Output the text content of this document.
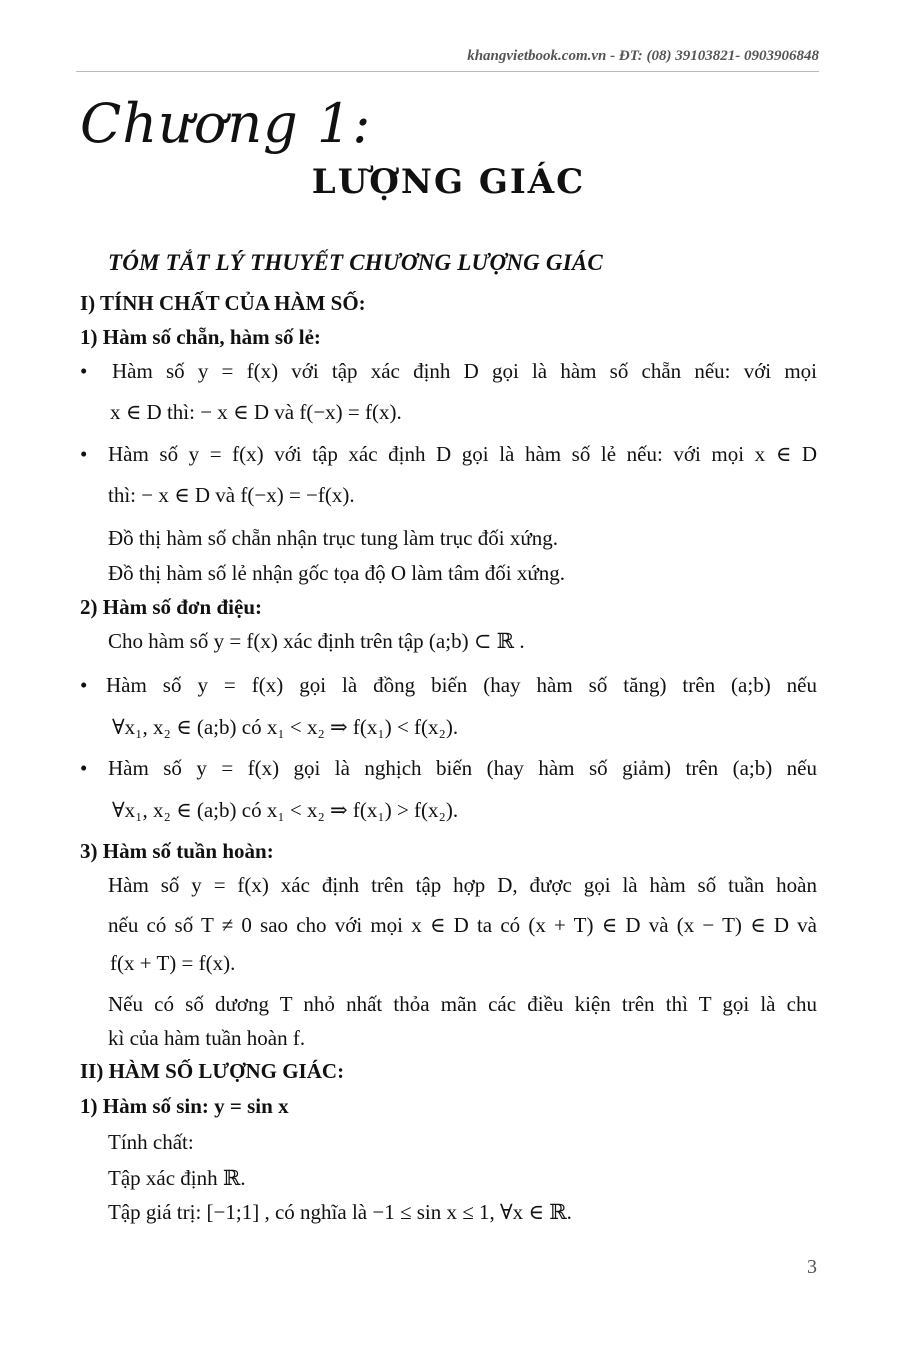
khangvietbook.com.vn - ĐT: (08) 39103821- 0903906848
Chương 1:
LƯỢNG GIÁC
TÓM TẮT LÝ THUYẾT CHƯƠNG LƯỢNG GIÁC
I) TÍNH CHẤT CỦA HÀM SỐ:
1) Hàm số chẵn, hàm số lẻ:
• Hàm số y = f(x) với tập xác định D gọi là hàm số chẵn nếu: với mọi
x ∈ D thì: − x ∈ D và f(−x) = f(x).
• Hàm số y = f(x) với tập xác định D gọi là hàm số lẻ nếu: với mọi x ∈ D
thì: − x ∈ D và f(−x) = −f(x).
Đồ thị hàm số chẵn nhận trục tung làm trục đối xứng.
Đồ thị hàm số lẻ nhận gốc tọa độ O làm tâm đối xứng.
2) Hàm số đơn điệu:
Cho hàm số y = f(x) xác định trên tập (a;b) ⊂ ℝ .
• Hàm số y = f(x) gọi là đồng biến (hay hàm số tăng) trên (a;b) nếu
∀x₁, x₂ ∈ (a;b) có x₁ < x₂ ⇒ f(x₁) < f(x₂).
• Hàm số y = f(x) gọi là nghịch biến (hay hàm số giảm) trên (a;b) nếu
∀x₁, x₂ ∈ (a;b) có x₁ < x₂ ⇒ f(x₁) > f(x₂).
3) Hàm số tuần hoàn:
Hàm số y = f(x) xác định trên tập hợp D, được gọi là hàm số tuần hoàn
nếu có số T ≠ 0 sao cho với mọi x ∈ D ta có (x + T) ∈ D và (x − T) ∈ D và
f(x + T) = f(x).
Nếu có số dương T nhỏ nhất thỏa mãn các điều kiện trên thì T gọi là chu
kì của hàm tuần hoàn f.
II) HÀM SỐ LƯỢNG GIÁC:
1) Hàm số sin: y = sin x
Tính chất:
Tập xác định ℝ.
Tập giá trị: [−1;1] , có nghĩa là −1 ≤ sin x ≤ 1, ∀x ∈ ℝ.
3
